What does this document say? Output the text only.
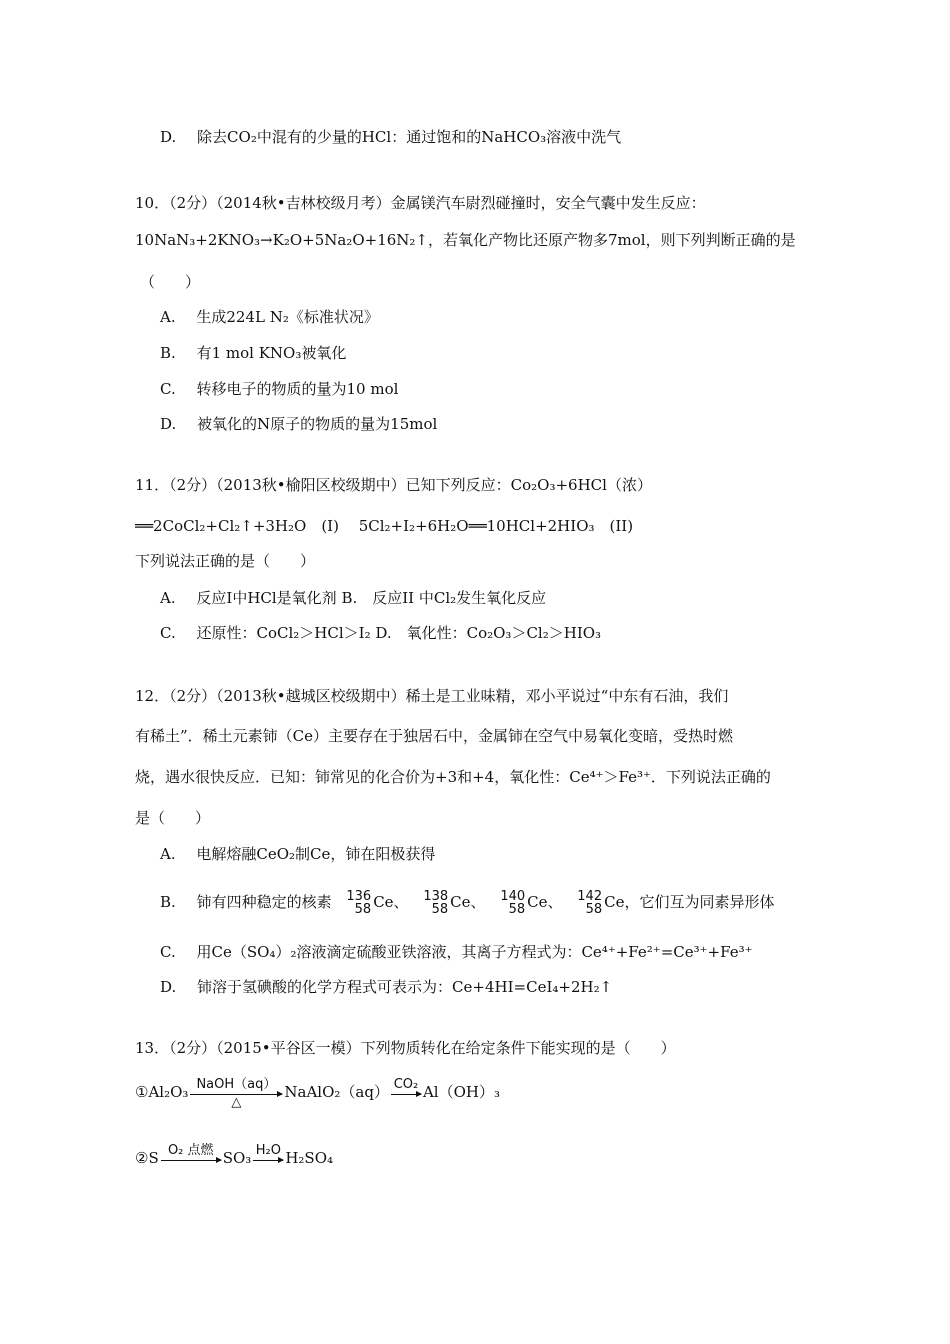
D. 除去CO₂中混有的少量的HCl：通过饱和的NaHCO₃溶液中洗气
10．（2分）（2014秋•吉林校级月考）金属镁汽车尉烈碰撞时，安全气囊中发生反应：
10NaN₃+2KNO₃→K₂O+5Na₂O+16N₂↑，若氧化产物比还原产物多7mol，则下列判断正确的是
（　　）
A. 生成224L N₂《标准状况》
B. 有1 mol KNO₃被氧化
C. 转移电子的物质的量为10 mol
D. 被氧化的N原子的物质的量为15mol
11．（2分）（2013秋•榆阳区校级期中）已知下列反应：Co₂O₃+6HCl（浓）
══2CoCl₂+Cl₂↑+3H₂O　(I)　 5Cl₂+I₂+6H₂O══10HCl+2HIO₃　(II)
下列说法正确的是（　　）
A. 反应I中HCl是氧化剂 B.　反应II 中Cl₂发生氧化反应
C. 还原性：CoCl₂＞HCl＞I₂ D.　氧化性：Co₂O₃＞Cl₂＞HIO₃
12．（2分）（2013秋•越城区校级期中）稀土是工业味精，邓小平说过“中东有石油，我们
有稀土”．稀土元素铈（Ce）主要存在于独居石中，金属铈在空气中易氧化变暗，受热时燃
烧，遇水很快反应．已知：铈常见的化合价为+3和+4，氧化性：Ce⁴⁺＞Fe³⁺．下列说法正确的
是（　　）
A. 电解熔融CeO₂制Ce，铈在阳极获得
B. 铈有四种稳定的核素 136
58 Ce、 138
58 Ce、 140
58 Ce、 142
58 Ce，它们互为同素异形体
C. 用Ce（SO₄）₂溶液滴定硫酸亚铁溶液，其离子方程式为：Ce⁴⁺+Fe²⁺=Ce³⁺+Fe³⁺
D. 铈溶于氢碘酸的化学方程式可表示为：Ce+4HI=CeI₄+2H₂↑
13．（2分）（2015•平谷区一模）下列物质转化在给定条件下能实现的是（　　）
①Al₂O₃ NaOH（aq）
△
NaAlO₂（aq） CO₂ Al（OH）₃
②S O₂ 点燃 SO₃ H₂O H₂SO₄
